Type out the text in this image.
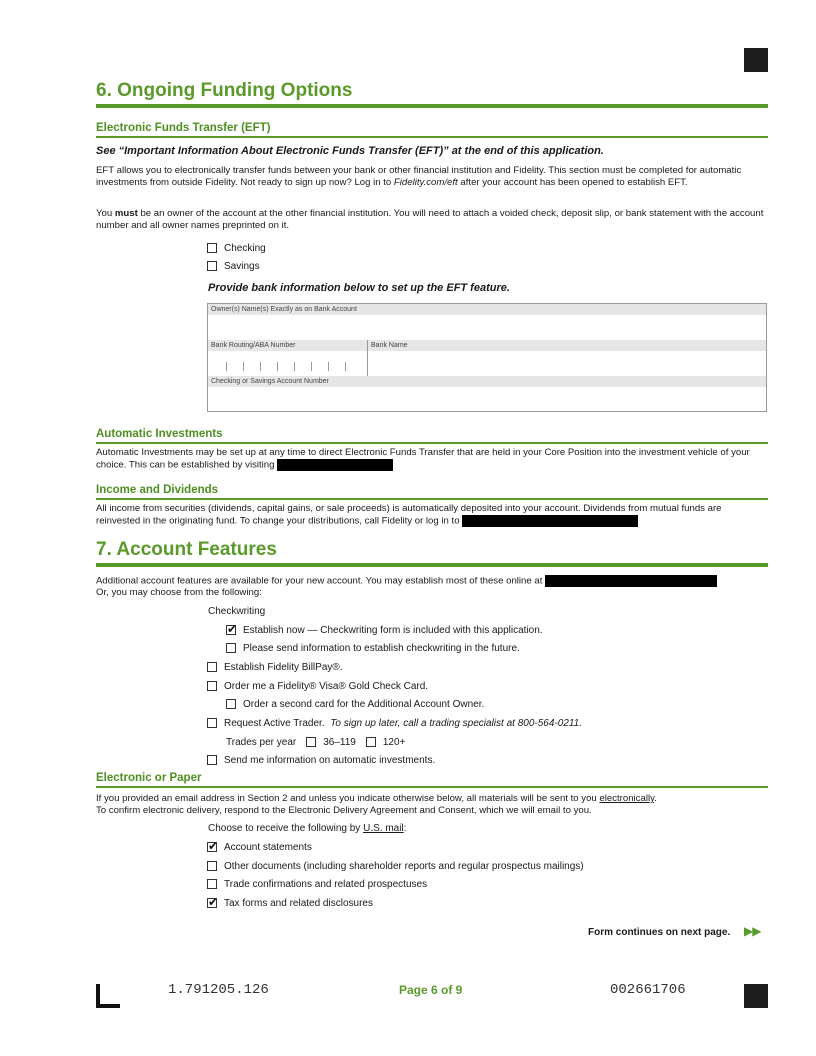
6. Ongoing Funding Options
Electronic Funds Transfer (EFT)
See “Important Information About Electronic Funds Transfer (EFT)” at the end of this application.
EFT allows you to electronically transfer funds between your bank or other financial institution and Fidelity. This section must be completed for automatic investments from outside Fidelity. Not ready to sign up now? Log in to Fidelity.com/eft after your account has been opened to establish EFT.
You must be an owner of the account at the other financial institution. You will need to attach a voided check, deposit slip, or bank statement with the account number and all owner names preprinted on it.
Checking
Savings
Provide bank information below to set up the EFT feature.
Owner(s) Name(s) Exactly as on Bank Account
Bank Routing/ABA Number	Bank Name
Checking or Savings Account Number
Automatic Investments
Automatic Investments may be set up at any time to direct Electronic Funds Transfer that are held in your Core Position into the investment vehicle of your choice. This can be established by visiting
Income and Dividends
All income from securities (dividends, capital gains, or sale proceeds) is automatically deposited into your account. Dividends from mutual funds are reinvested in the originating fund. To change your distributions, call Fidelity or log in to
7. Account Features
Additional account features are available for your new account. You may establish most of these online at
Or, you may choose from the following:
Checkwriting
✔
Establish now — Checkwriting form is included with this application.
Please send information to establish checkwriting in the future.
Establish Fidelity BillPay®.
Order me a Fidelity® Visa® Gold Check Card.
Order a second card for the Additional Account Owner.
Request Active Trader.
To sign up later, call a trading specialist at 800-564-0211.
Trades per year	36–119	120+
Send me information on automatic investments.
Electronic or Paper
If you provided an email address in Section 2 and unless you indicate otherwise below, all materials will be sent to you electronically.
To confirm electronic delivery, respond to the Electronic Delivery Agreement and Consent, which we will email to you.
Choose to receive the following by U.S. mail:
✔
Account statements
Other documents (including shareholder reports and regular prospectus mailings)
Trade confirmations and related prospectuses
✔
Tax forms and related disclosures
Form continues on next page. ▶▶
1.791205.126	Page 6 of 9	002661706
